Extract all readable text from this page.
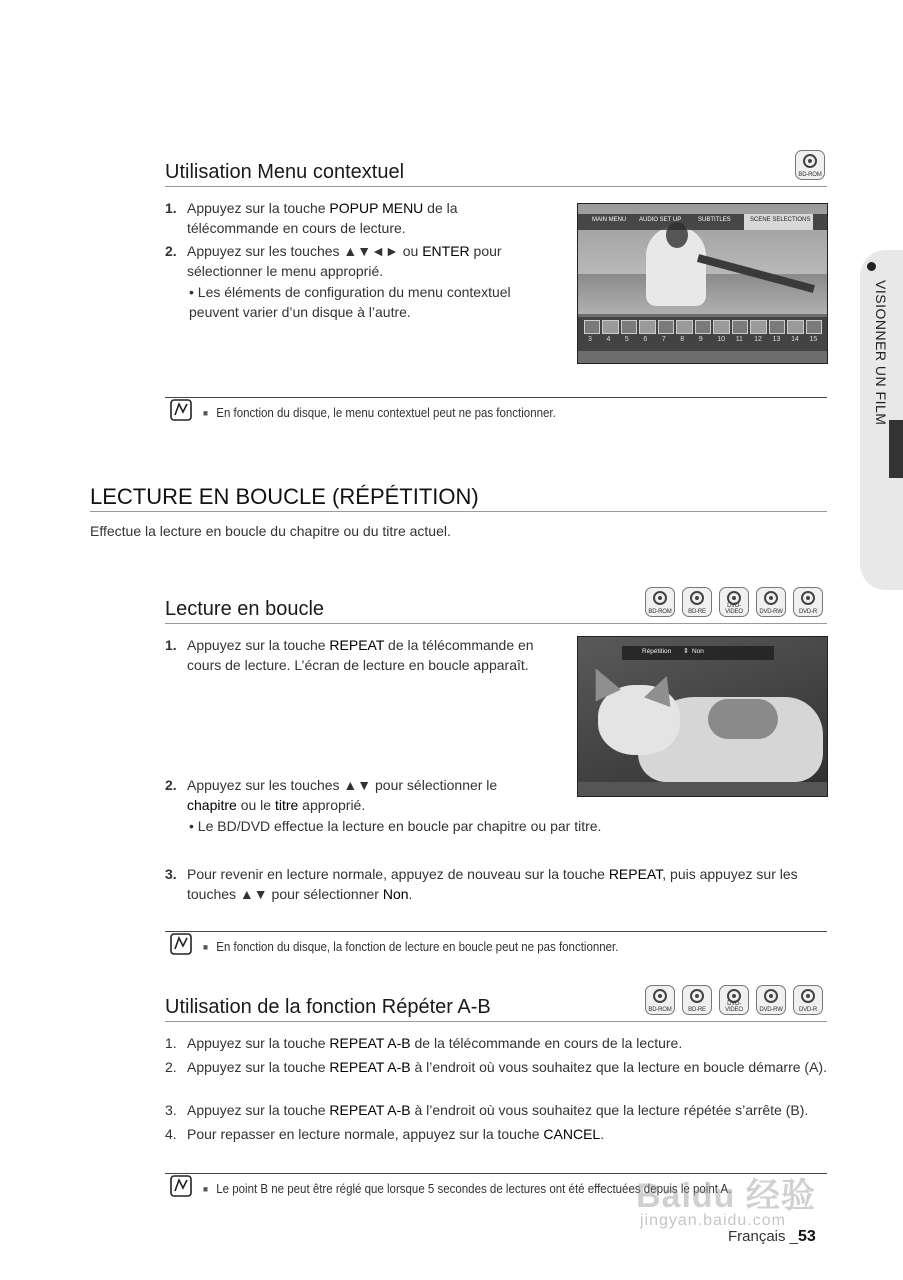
VISIONNER UN FILM
Utilisation Menu contextuel	BD-ROM
1. Appuyez sur la touche POPUP MENU de la télécommande en cours de lecture.
2. Appuyez sur les touches ▲▼◄► ou ENTER pour sélectionner le menu approprié.
• Les éléments de configuration du menu contextuel peuvent varier d’un disque à l’autre.
MAIN MENU AUDIO SET UP	SUBTITLES	SCENE SELECTIONS
3 4 5 6 7 8 9 10 11 12 13 14 15
■ En fonction du disque, le menu contextuel peut ne pas fonctionner.
LECTURE EN BOUCLE (RÉPÉTITION)
Effectue la lecture en boucle du chapitre ou du titre actuel.
Lecture en boucle	BD-ROM	BD-RE
DVD-VIDEO	DVD-RW	DVD-R
1. Appuyez sur la touche REPEAT de la télécommande en cours de lecture. L’écran de lecture en boucle apparaît.
Répétition ⇕ Non
2. Appuyez sur les touches ▲▼ pour sélectionner le chapitre ou le titre approprié.
• Le BD/DVD effectue la lecture en boucle par chapitre ou par titre.
3. Pour revenir en lecture normale, appuyez de nouveau sur la touche REPEAT, puis appuyez sur les touches ▲▼ pour sélectionner Non.
■ En fonction du disque, la fonction de lecture en boucle peut ne pas fonctionner.
Utilisation de la fonction Répéter A-B	BD-ROM	BD-RE
DVD-VIDEO	DVD-RW	DVD-R
1. Appuyez sur la touche REPEAT A-B de la télécommande en cours de la lecture.
2. Appuyez sur la touche REPEAT A-B à l’endroit où vous souhaitez que la lecture en boucle démarre (A).
3. Appuyez sur la touche REPEAT A-B à l’endroit où vous souhaitez que la lecture répétée s’arrête (B).
4. Pour repasser en lecture normale, appuyez sur la touche CANCEL.
■ Le point B ne peut être réglé que lorsque 5 secondes de lectures ont été effectuées depuis le point A.
Baidu 经验
jingyan.baidu.com
Français _53
